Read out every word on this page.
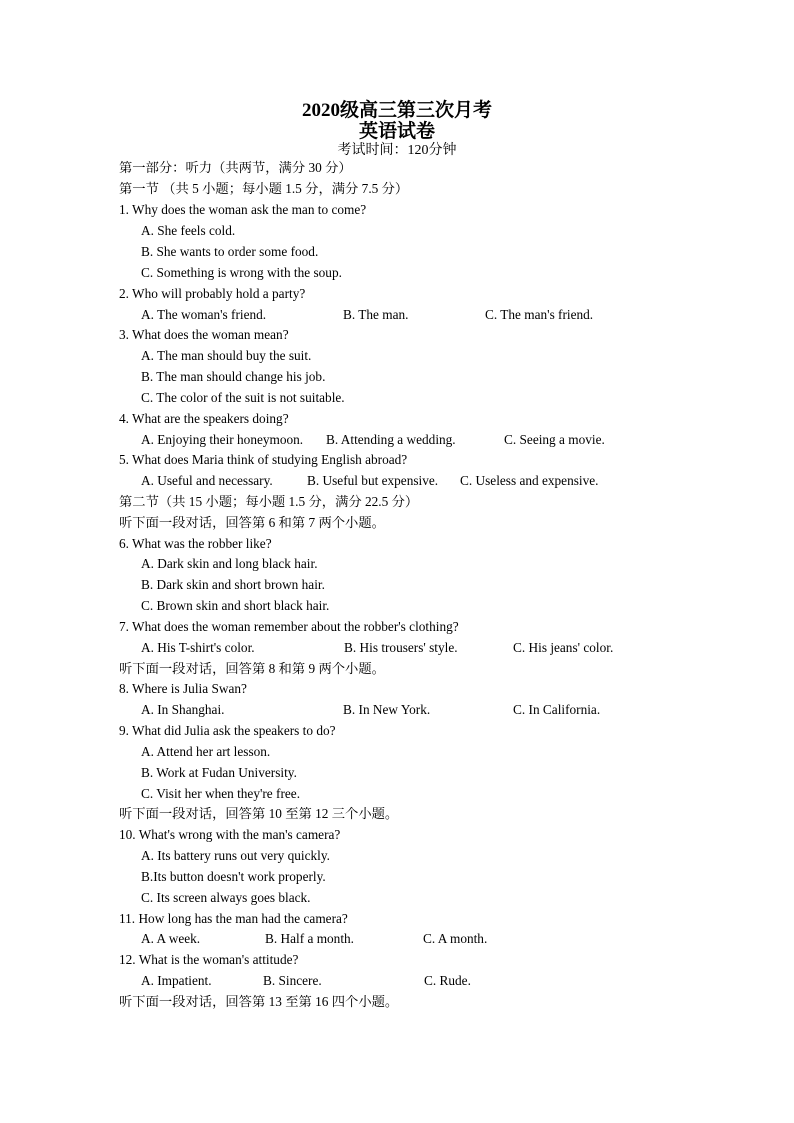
2020级高三第三次月考
英语试卷
考试时间：120分钟
第一部分：听力（共两节，满分 30 分）
第一节 （共 5 小题；每小题 1.5 分，满分 7.5 分）
1. Why does the woman ask the man to come?
A. She feels cold.
B. She wants to order some food.
C. Something is wrong with the soup.
2. Who will probably hold a party?
A. The woman's friend.	B. The man.	C. The man's friend.
3. What does the woman mean?
A. The man should buy the suit.
B. The man should change his job.
C. The color of the suit is not suitable.
4. What are the speakers doing?
A. Enjoying their honeymoon. B. Attending a wedding.	C. Seeing a movie.
5. What does Maria think of studying English abroad?
A. Useful and necessary.	B. Useful but expensive. C. Useless and expensive.
第二节（共 15 小题；每小题 1.5 分，满分 22.5 分）
听下面一段对话，回答第 6 和第 7 两个小题。
6. What was the robber like?
A. Dark skin and long black hair.
B. Dark skin and short brown hair.
C. Brown skin and short black hair.
7. What does the woman remember about the robber's clothing?
A. His T-shirt's color.	B. His trousers' style.	C. His jeans' color.
听下面一段对话，回答第 8 和第 9 两个小题。
8. Where is Julia Swan?
A. In Shanghai.	B. In New York.	C. In California.
9. What did Julia ask the speakers to do?
A. Attend her art lesson.
B. Work at Fudan University.
C. Visit her when they're free.
听下面一段对话，回答第 10 至第 12 三个小题。
10. What's wrong with the man's camera?
A. Its battery runs out very quickly.
B.Its button doesn't work properly.
C. Its screen always goes black.
11. How long has the man had the camera?
A. A week.	B. Half a month.	C. A month.
12. What is the woman's attitude?
A. Impatient.	B. Sincere.	C. Rude.
听下面一段对话，回答第 13 至第 16 四个小题。
